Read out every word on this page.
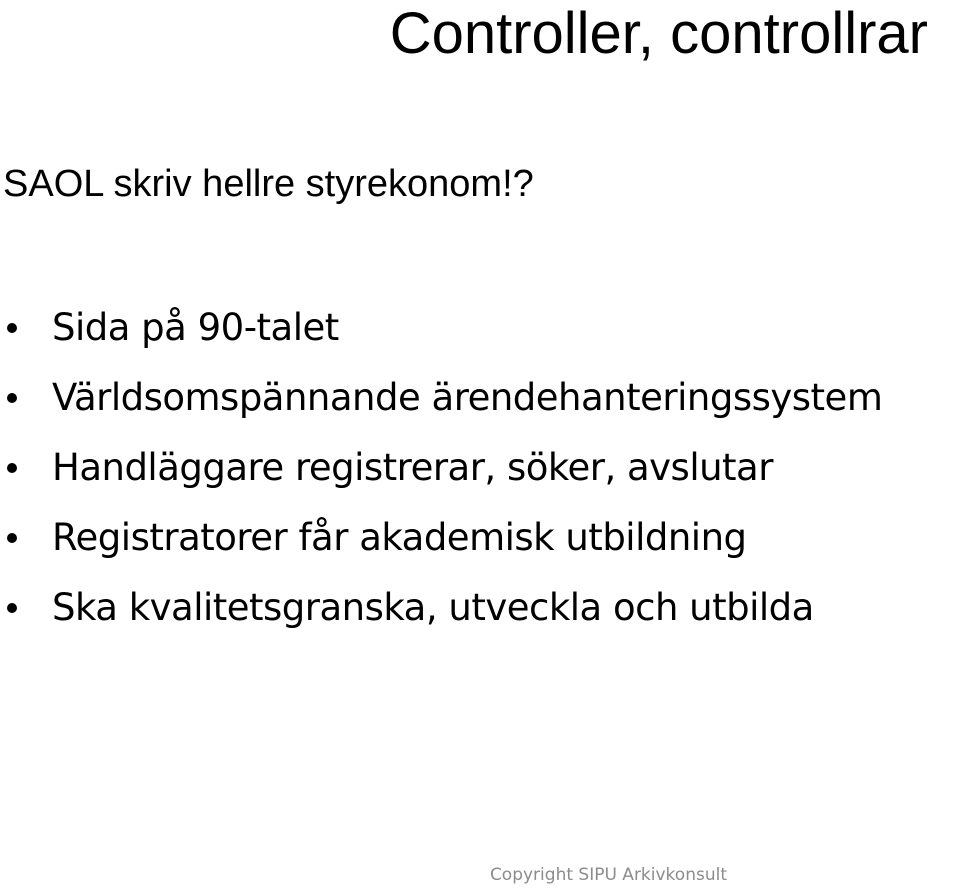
Controller, controllrar

SAOL skriv hellre styrekonom!?

Sida på 90-talet
Världsomspännande ärendehanteringssystem
Handläggare registrerar, söker, avslutar
Registratorer får akademisk utbildning
Ska kvalitetsgranska, utveckla och utbilda
Copyright SIPU Arkivkonsult
